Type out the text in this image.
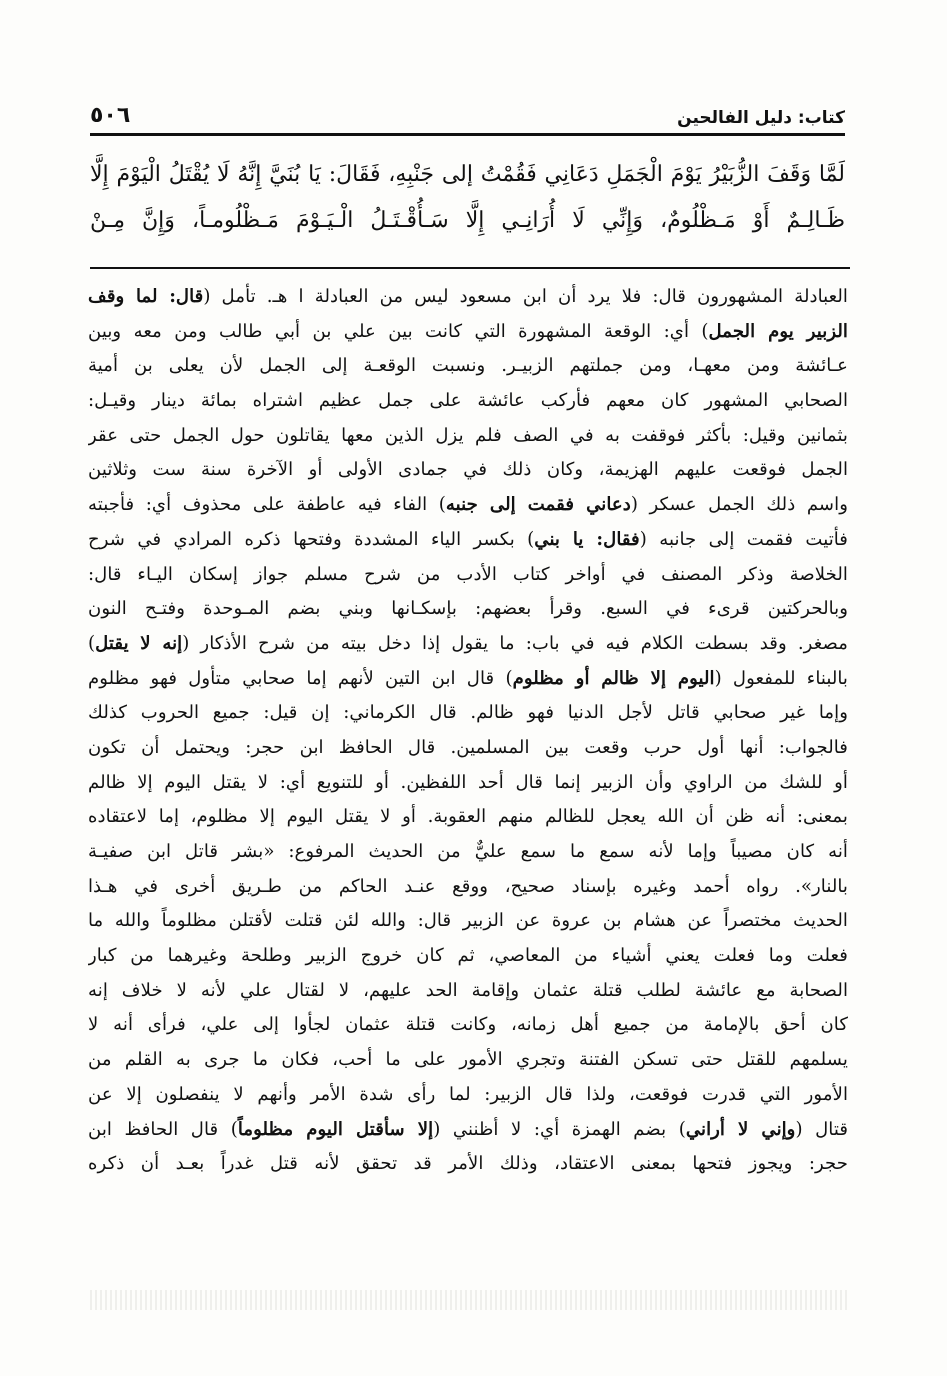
٥٠٦	كتاب: دليل الفالحين

لَمَّا وَقَفَ الزُّبَيْرُ يَوْمَ الْجَمَلِ دَعَانِي فَقُمْتُ إلى جَنْبِهِ، فَقَالَ: يَا بُنَيَّ إِنَّهُ لَا يُقْتَلُ الْيَوْمَ إِلَّا

ظَـالِـمٌ أَوْ مَـظْلُومٌ، وَإِنِّي لَا أُرَانِـي إِلَّا سَـأُقْـتَـلُ الْـيَـوْمَ مَـظْلُومـاً، وَإِنَّ مِـنْ

العبادلة المشهورون قال: فلا يرد أن ابن مسعود ليس من العبادلة ا هـ. تأمل (قال: لما وقف
الزبير يوم الجمل) أي: الوقعة المشهورة التي كانت بين علي بن أبي طالب ومن معه وبين
عـائشة ومن معهـا، ومن جملتهم الزبيـر. ونسبت الوقعـة إلى الجمل لأن يعلى بن أمية
الصحابي المشهور كان معهم فأركب عائشة على جمل عظيم اشتراه بمائة دينار وقيـل:
بثمانين وقيل: بأكثر فوقفت به في الصف فلم يزل الذين معها يقاتلون حول الجمل حتى عقر
الجمل فوقعت عليهم الهزيمة، وكان ذلك في جمادى الأولى أو الآخرة سنة ست وثلاثين
واسم ذلك الجمل عسكر (دعاني فقمت إلى جنبه) الفاء فيه عاطفة على محذوف أي: فأجبته
فأتيت فقمت إلى جانبه (فقال: يا بني) بكسر الياء المشددة وفتحها ذكره المرادي في شرح
الخلاصة وذكر المصنف في أواخر كتاب الأدب من شرح مسلم جواز إسكان اليـاء قال:
وبالحركتين قرىء في السبع. وقرأ بعضهم: بإسكـانها وبني بضم المـوحدة وفتـح النون
مصغر. وقد بسطت الكلام فيه في باب: ما يقول إذا دخل بيته من شرح الأذكار (إنه لا يقتل)
بالبناء للمفعول (اليوم إلا ظالم أو مظلوم) قال ابن التين لأنهم إما صحابي متأول فهو مظلوم
وإما غير صحابي قاتل لأجل الدنيا فهو ظالم. قال الكرماني: إن قيل: جميع الحروب كذلك
فالجواب: أنها أول حرب وقعت بين المسلمين. قال الحافظ ابن حجر: ويحتمل أن تكون
أو للشك من الراوي وأن الزبير إنما قال أحد اللفظين. أو للتنويع أي: لا يقتل اليوم إلا ظالم
بمعنى: أنه ظن أن الله يعجل للظالم منهم العقوبة. أو لا يقتل اليوم إلا مظلوم، إما لاعتقاده
أنه كان مصيباً وإما لأنه سمع ما سمع عليٌّ من الحديث المرفوع: «بشر قاتل ابن صفيـة
بالنار». رواه أحمد وغيره بإسناد صحيح، ووقع عنـد الحاكم من طـريق أخرى في هـذا
الحديث مختصراً عن هشام بن عروة عن الزبير قال: والله لئن قتلت لأقتلن مظلوماً والله ما
فعلت وما فعلت يعني أشياء من المعاصي، ثم كان خروج الزبير وطلحة وغيرهما من كبار
الصحابة مع عائشة لطلب قتلة عثمان وإقامة الحد عليهم، لا لقتال علي لأنه لا خلاف إنه
كان أحق بالإمامة من جميع أهل زمانه، وكانت قتلة عثمان لجأوا إلى علي، فرأى أنه لا
يسلمهم للقتل حتى تسكن الفتنة وتجري الأمور على ما أحب، فكان ما جرى به القلم من
الأمور التي قدرت فوقعت، ولذا قال الزبير: لما رأى شدة الأمر وأنهم لا ينفصلون إلا عن
قتال (وإني لا أراني) بضم الهمزة أي: لا أظنني (إلا سأقتل اليوم مظلوماً) قال الحافظ ابن
حجر: ويجوز فتحها بمعنى الاعتقاد، وذلك الأمر قد تحقق لأنه قتل غدراً بعـد أن ذكره
